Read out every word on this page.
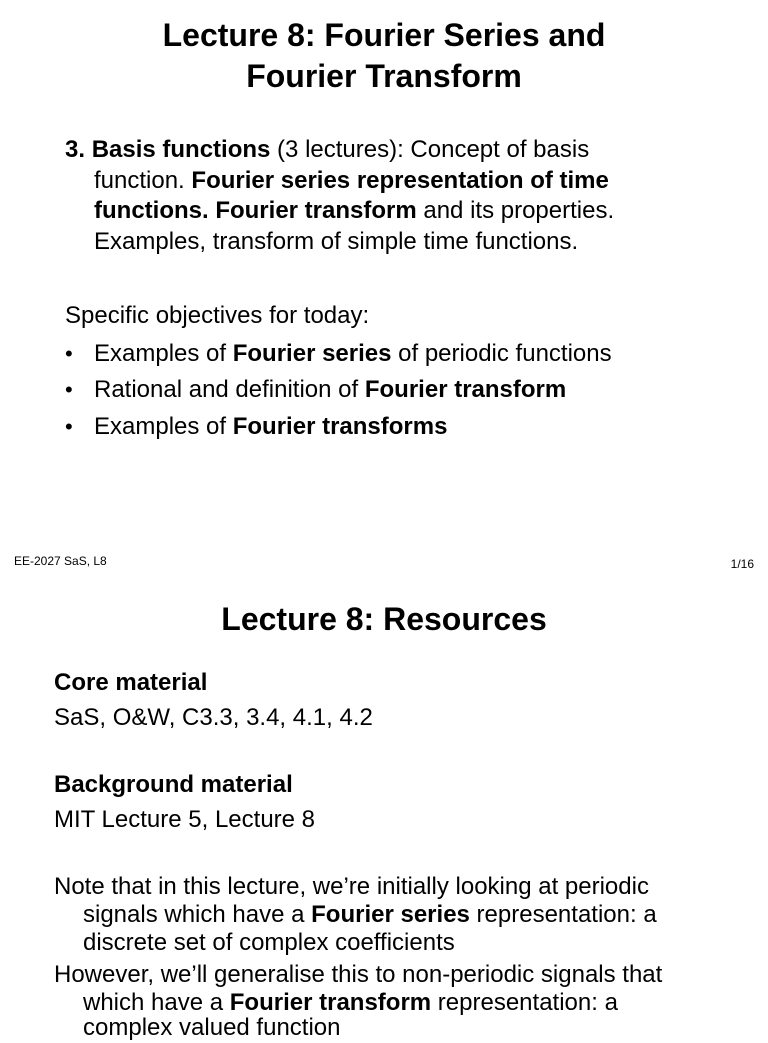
Lecture 8: Fourier Series and
Fourier Transform
3. Basis functions (3 lectures): Concept of basis
function. Fourier series representation of time
functions. Fourier transform and its properties.
Examples, transform of simple time functions.
Specific objectives for today:
• Examples of Fourier series of periodic functions
• Rational and definition of Fourier transform
• Examples of Fourier transforms
EE-2027 SaS, L8	1/16
Lecture 8: Resources
Core material
SaS, O&W, C3.3, 3.4, 4.1, 4.2
Background material
MIT Lecture 5, Lecture 8
Note that in this lecture, we’re initially looking at periodic
signals which have a Fourier series representation: a
discrete set of complex coefficients
However, we’ll generalise this to non-periodic signals that
which have a Fourier transform representation: a
complex valued function
